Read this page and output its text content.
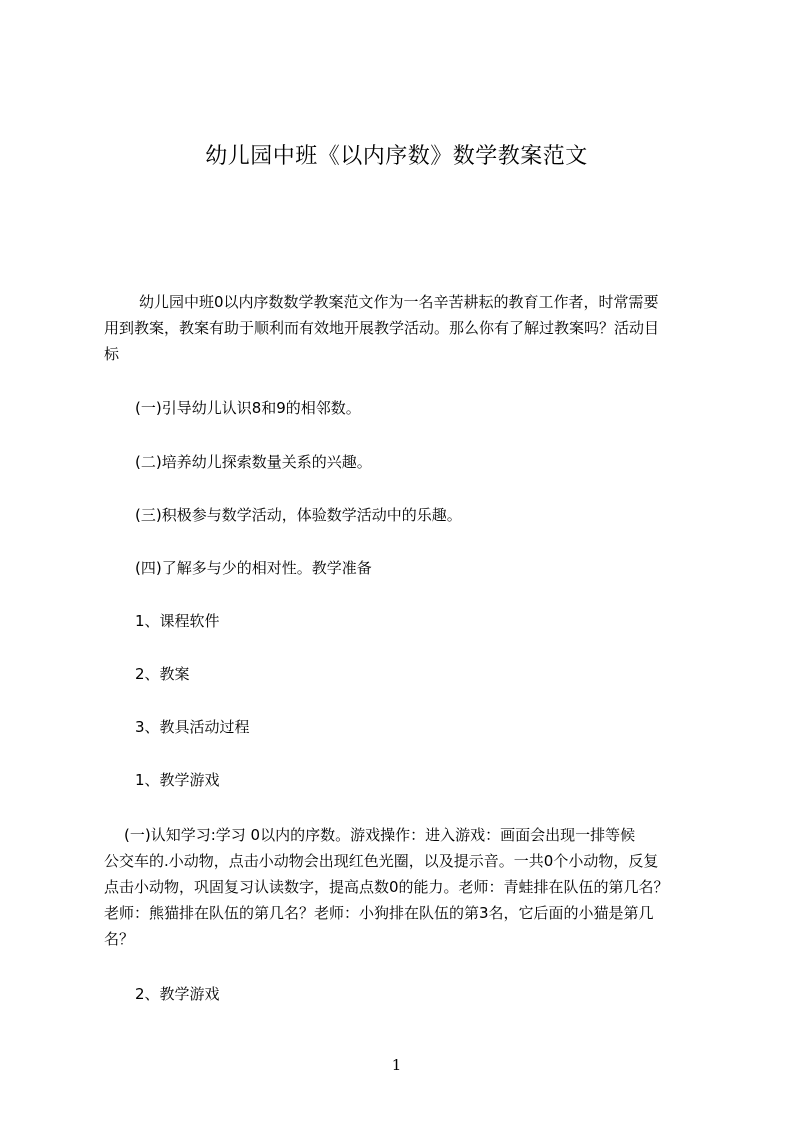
幼儿园中班《以内序数》数学教案范文
幼儿园中班0以内序数数学教案范文作为一名辛苦耕耘的教育工作者，时常需要
用到教案，教案有助于顺利而有效地开展教学活动。那么你有了解过教案吗？活动目
标
(一)引导幼儿认识8和9的相邻数。
(二)培养幼儿探索数量关系的兴趣。
(三)积极参与数学活动，体验数学活动中的乐趣。
(四)了解多与少的相对性。教学准备
1、课程软件
2、教案
3、教具活动过程
1、教学游戏
(一)认知学习:学习 0以内的序数。游戏操作：进入游戏：画面会出现一排等候
公交车的.小动物，点击小动物会出现红色光圈，以及提示音。一共0个小动物，反复
点击小动物，巩固复习认读数字，提高点数0的能力。老师：青蛙排在队伍的第几名？
老师：熊猫排在队伍的第几名？老师：小狗排在队伍的第3名，它后面的小猫是第几
名？
2、教学游戏
1
